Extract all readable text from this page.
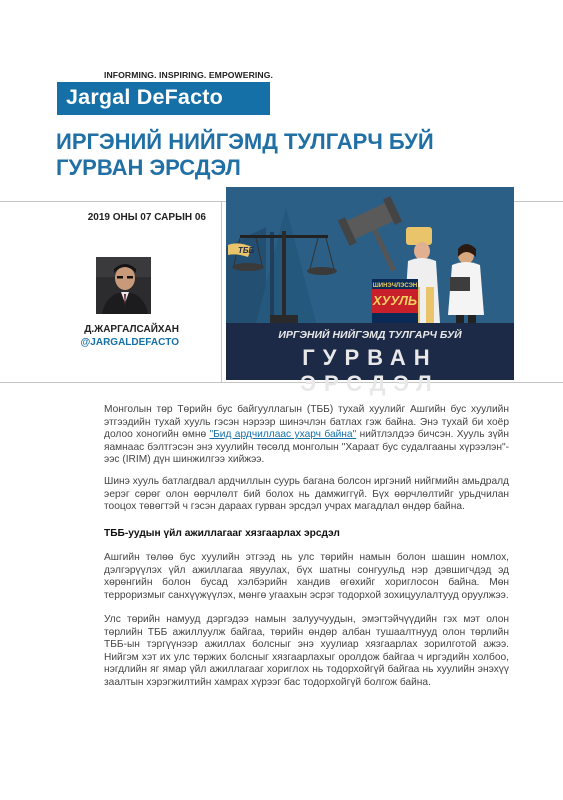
INFORMING. INSPIRING. EMPOWERING.
Jargal DeFacto
ИРГЭНИЙ НИЙГЭМД ТУЛГАРЧ БУЙ
ГУРВАН ЭРСДЭЛ
2019 ОНЫ 07 САРЫН 06
Д.ЖАРГАЛСАЙХАН
@JARGALDEFACTO
ШИНЭЧЛЭСЭН
ХУУЛЬ
ТББ
ИРГЭНИЙ НИЙГЭМД ТУЛГАРЧ БУЙ
ГУРВАН ЭРСДЭЛ

Монголын төр Төрийн бус байгууллагын (ТББ) тухай хуулийг Ашгийн бус хуулийн этгээдийн тухай хууль гэсэн нэрээр шинэчлэн батлах гэж байна. Энэ тухай би хоёр долоо хоногийн өмнө "Бид ардчиллаас ухарч байна" нийтлэлдээ бичсэн. Хууль зүйн яамнаас бэлтгэсэн энэ хуулийн төсөлд монголын "Хараат бус судалгааны хүрээлэн"-ээс (IRIM) дүн шинжилгээ хийжээ.

Шинэ хууль батлагдвал ардчиллын суурь багана болсон иргэний нийгмийн амьдралд эерэг сөрөг олон өөрчлөлт бий болох нь дамжиггүй. Бүх өөрчлөлтийг урьдчилан тооцох төвөгтэй ч гэсэн дараах гурван эрсдэл учрах магадлал өндөр байна.

ТББ-уудын үйл ажиллагааг хязгаарлах эрсдэл

Ашгийн төлөө бус хуулийн этгээд нь улс төрийн намын болон шашин номлох, дэлгэрүүлэх үйл ажиллагаа явуулах, бүх шатны сонгуульд нэр дэвшигчдэд эд хөрөнгийн болон бусад хэлбэрийн хандив өгөхийг хориглосон байна. Мөн терроризмыг санхүүжүүлэх, мөнгө угаахын эсрэг тодорхой зохицуулалтууд оруулжээ.

Улс төрийн намууд дэргэдээ намын залуучуудын, эмэгтэйчүүдийн гэх мэт олон төрлийн ТББ ажиллуулж байгаа, төрийн өндөр албан тушаалтнууд олон төрлийн ТББ-ын тэргүүнээр ажиллах болсныг энэ хуулиар хязгаарлах зорилготой ажээ. Нийгэм хэт их улс төржих болсныг хязгаарлахыг оролдож байгаа ч иргэдийн холбоо, нэгдлийн яг ямар үйл ажиллагааг хориглох нь тодорхойгүй байгаа нь хуулийн энэхүү заалтын хэрэгжилтийн хамрах хүрээг бас тодорхойгүй болгож байна.
